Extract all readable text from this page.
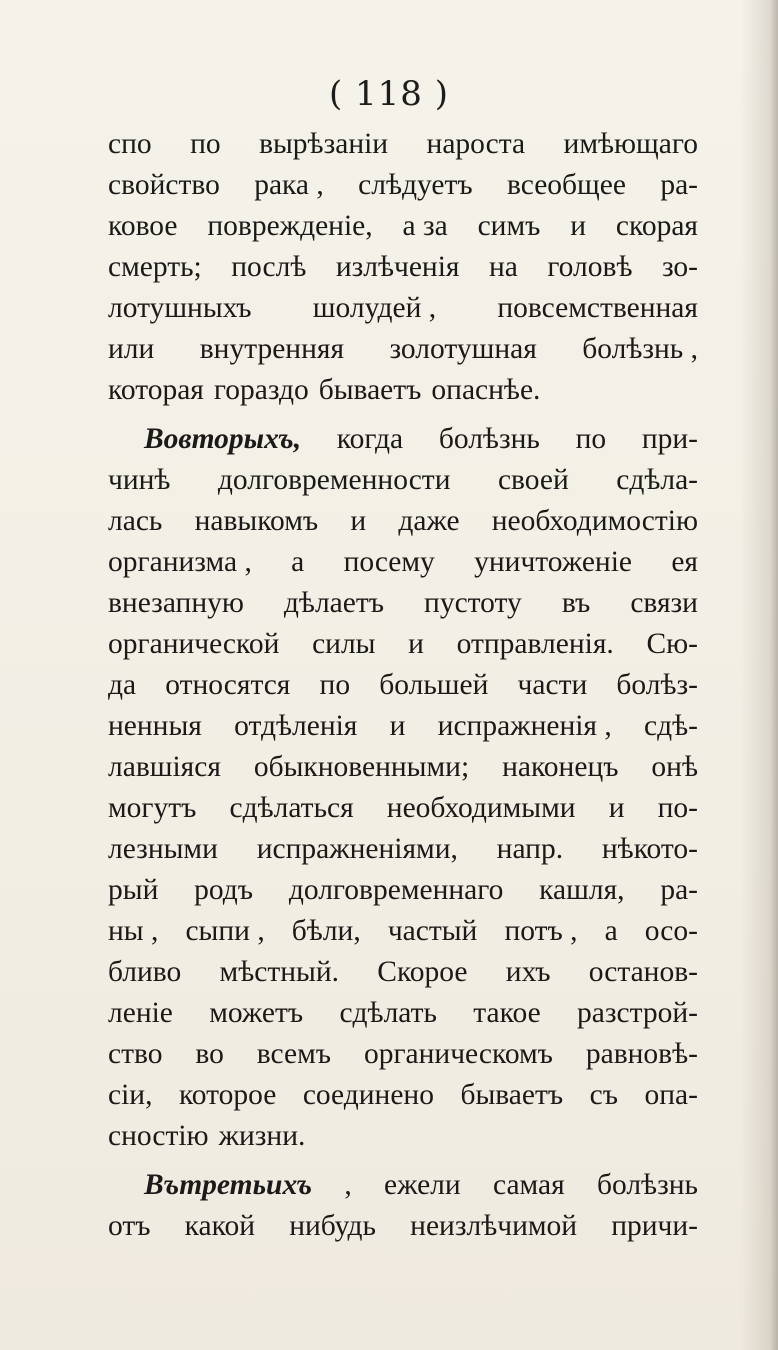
( 118 )
спо по вырѣзаніи нароста имѣющаго
свойство рака , слѣдуетъ всеобщее ра-
ковое поврежденіе, а за симъ и скорая
смерть; послѣ излѣченія на головѣ зо-
лотушныхъ шолудей , повсемственная
или внутренняя золотушная болѣзнь ,
которая гораздо бываетъ опаснѣе.
Вовторыхъ, когда болѣзнь по при-
чинѣ долговременности своей сдѣла-
лась навыкомъ и даже необходимостію
организма , а посему уничтоженіе ея
внезапную дѣлаетъ пустоту въ связи
органической силы и отправленія. Сю-
да относятся по большей части болѣз-
ненныя отдѣленія и испражненія , сдѣ-
лавшіяся обыкновенными; наконецъ онѣ
могутъ сдѣлаться необходимыми и по-
лезными испражненіями, напр. нѣкото-
рый родъ долговременнаго кашля, ра-
ны , сыпи , бѣли, частый потъ , а осо-
бливо мѣстный. Скорое ихъ останов-
леніе можетъ сдѣлать такое разстрой-
ство во всемъ органическомъ равновѣ-
сіи, которое соединено бываетъ съ опа-
сностію жизни.
Вътретьихъ , ежели самая болѣзнь
отъ какой нибудь неизлѣчимой причи-
